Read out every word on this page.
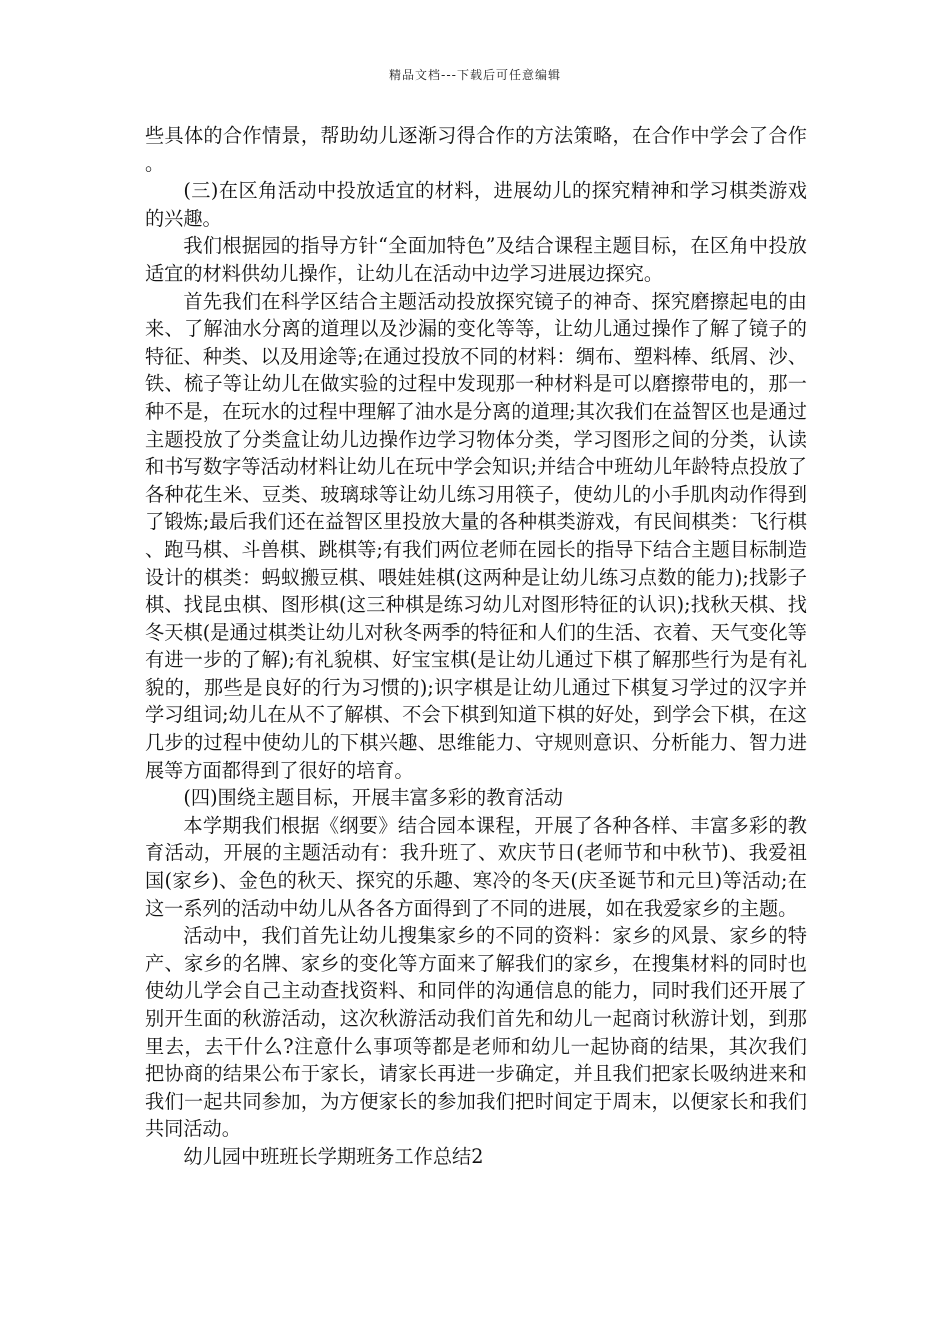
精品文档---下载后可任意编辑

些具体的合作情景，帮助幼儿逐渐习得合作的方法策略，在合作中学会了合作。

(三)在区角活动中投放适宜的材料，进展幼儿的探究精神和学习棋类游戏的兴趣。

我们根据园的指导方针“全面加特色”及结合课程主题目标，在区角中投放适宜的材料供幼儿操作，让幼儿在活动中边学习进展边探究。

首先我们在科学区结合主题活动投放探究镜子的神奇、探究磨擦起电的由来、了解油水分离的道理以及沙漏的变化等等，让幼儿通过操作了解了镜子的特征、种类、以及用途等;在通过投放不同的材料：绸布、塑料棒、纸屑、沙、铁、梳子等让幼儿在做实验的过程中发现那一种材料是可以磨擦带电的，那一种不是，在玩水的过程中理解了油水是分离的道理;其次我们在益智区也是通过主题投放了分类盒让幼儿边操作边学习物体分类，学习图形之间的分类，认读和书写数字等活动材料让幼儿在玩中学会知识;并结合中班幼儿年龄特点投放了各种花生米、豆类、玻璃球等让幼儿练习用筷子，使幼儿的小手肌肉动作得到了锻炼;最后我们还在益智区里投放大量的各种棋类游戏，有民间棋类：飞行棋、跑马棋、斗兽棋、跳棋等;有我们两位老师在园长的指导下结合主题目标制造设计的棋类：蚂蚁搬豆棋、喂娃娃棋(这两种是让幼儿练习点数的能力);找影子棋、找昆虫棋、图形棋(这三种棋是练习幼儿对图形特征的认识);找秋天棋、找冬天棋(是通过棋类让幼儿对秋冬两季的特征和人们的生活、衣着、天气变化等有进一步的了解);有礼貌棋、好宝宝棋(是让幼儿通过下棋了解那些行为是有礼貌的，那些是良好的行为习惯的);识字棋是让幼儿通过下棋复习学过的汉字并学习组词;幼儿在从不了解棋、不会下棋到知道下棋的好处，到学会下棋，在这几步的过程中使幼儿的下棋兴趣、思维能力、守规则意识、分析能力、智力进展等方面都得到了很好的培育。

(四)围绕主题目标，开展丰富多彩的教育活动

本学期我们根据《纲要》结合园本课程，开展了各种各样、丰富多彩的教育活动，开展的主题活动有：我升班了、欢庆节日(老师节和中秋节)、我爱祖国(家乡)、金色的秋天、探究的乐趣、寒冷的冬天(庆圣诞节和元旦)等活动;在这一系列的活动中幼儿从各各方面得到了不同的进展，如在我爱家乡的主题。

活动中，我们首先让幼儿搜集家乡的不同的资料：家乡的风景、家乡的特产、家乡的名牌、家乡的变化等方面来了解我们的家乡，在搜集材料的同时也使幼儿学会自己主动查找资料、和同伴的沟通信息的能力，同时我们还开展了别开生面的秋游活动，这次秋游活动我们首先和幼儿一起商讨秋游计划，到那里去，去干什么?注意什么事项等都是老师和幼儿一起协商的结果，其次我们把协商的结果公布于家长，请家长再进一步确定，并且我们把家长吸纳进来和我们一起共同参加，为方便家长的参加我们把时间定于周末，以便家长和我们共同活动。

幼儿园中班班长学期班务工作总结2
